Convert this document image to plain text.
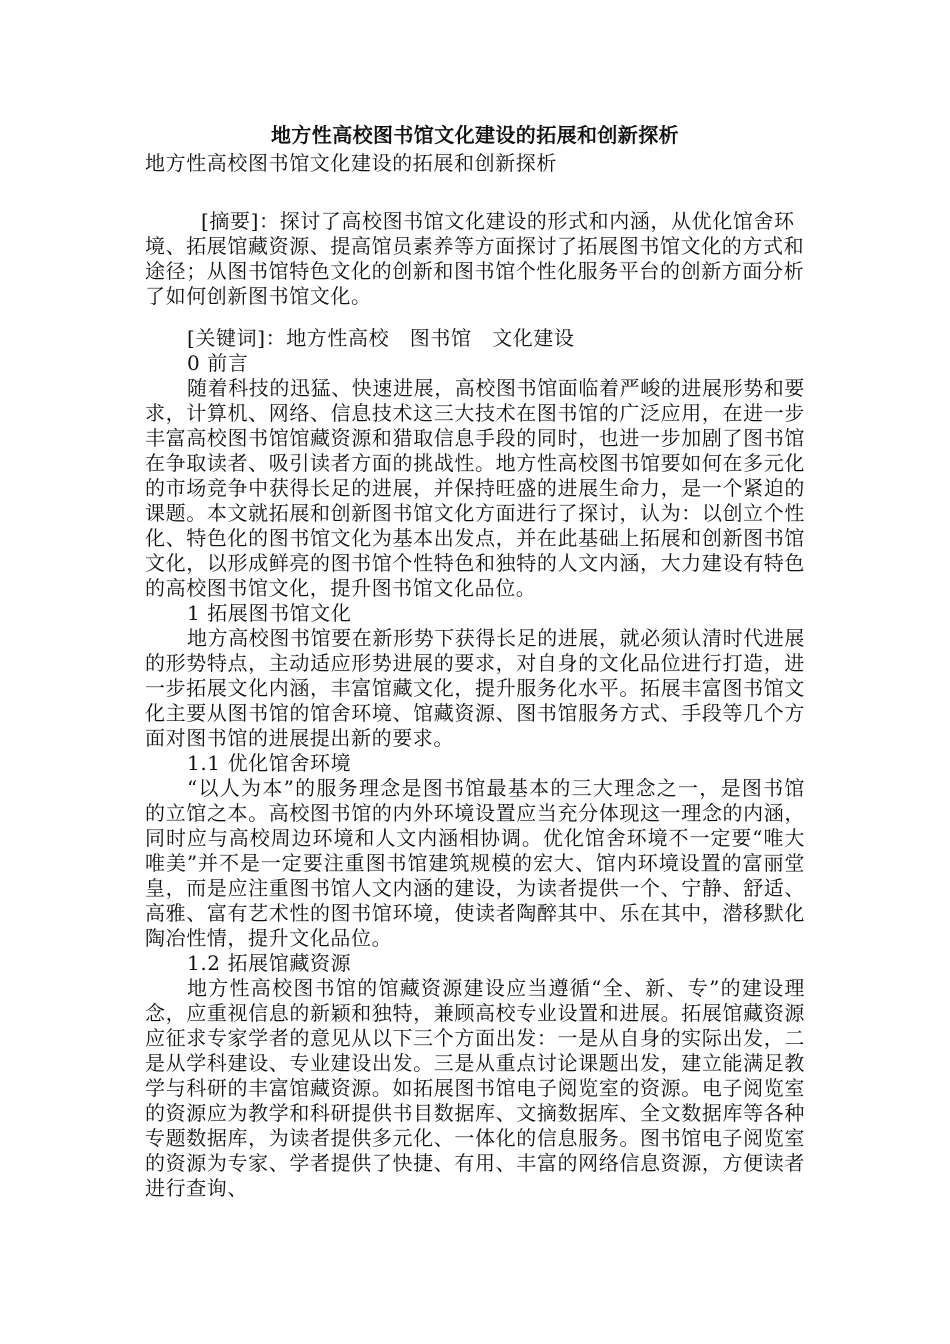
地方性高校图书馆文化建设的拓展和创新探析

地方性高校图书馆文化建设的拓展和创新探析

[摘要]：探讨了高校图书馆文化建设的形式和内涵，从优化馆舍环境、拓展馆藏资源、提高馆员素养等方面探讨了拓展图书馆文化的方式和途径；从图书馆特色文化的创新和图书馆个性化服务平台的创新方面分析了如何创新图书馆文化。

[关键词]：地方性高校　图书馆　文化建设

0 前言

随着科技的迅猛、快速进展，高校图书馆面临着严峻的进展形势和要求，计算机、网络、信息技术这三大技术在图书馆的广泛应用，在进一步丰富高校图书馆馆藏资源和猎取信息手段的同时，也进一步加剧了图书馆在争取读者、吸引读者方面的挑战性。地方性高校图书馆要如何在多元化的市场竞争中获得长足的进展，并保持旺盛的进展生命力，是一个紧迫的课题。本文就拓展和创新图书馆文化方面进行了探讨，认为：以创立个性化、特色化的图书馆文化为基本出发点，并在此基础上拓展和创新图书馆文化，以形成鲜亮的图书馆个性特色和独特的人文内涵，大力建设有特色的高校图书馆文化，提升图书馆文化品位。

1 拓展图书馆文化

地方高校图书馆要在新形势下获得长足的进展，就必须认清时代进展的形势特点，主动适应形势进展的要求，对自身的文化品位进行打造，进一步拓展文化内涵，丰富馆藏文化，提升服务化水平。拓展丰富图书馆文化主要从图书馆的馆舍环境、馆藏资源、图书馆服务方式、手段等几个方面对图书馆的进展提出新的要求。

1.1 优化馆舍环境

“以人为本”的服务理念是图书馆最基本的三大理念之一，是图书馆的立馆之本。高校图书馆的内外环境设置应当充分体现这一理念的内涵，同时应与高校周边环境和人文内涵相协调。优化馆舍环境不一定要“唯大唯美”并不是一定要注重图书馆建筑规模的宏大、馆内环境设置的富丽堂皇，而是应注重图书馆人文内涵的建设，为读者提供一个、宁静、舒适、高雅、富有艺术性的图书馆环境，使读者陶醉其中、乐在其中，潜移默化陶冶性情，提升文化品位。

1.2 拓展馆藏资源

地方性高校图书馆的馆藏资源建设应当遵循“全、新、专”的建设理念，应重视信息的新颖和独特，兼顾高校专业设置和进展。拓展馆藏资源应征求专家学者的意见从以下三个方面出发：一是从自身的实际出发，二是从学科建设、专业建设出发。三是从重点讨论课题出发，建立能满足教学与科研的丰富馆藏资源。如拓展图书馆电子阅览室的资源。电子阅览室的资源应为教学和科研提供书目数据库、文摘数据库、全文数据库等各种专题数据库，为读者提供多元化、一体化的信息服务。图书馆电子阅览室的资源为专家、学者提供了快捷、有用、丰富的网络信息资源，方便读者进行查询、
